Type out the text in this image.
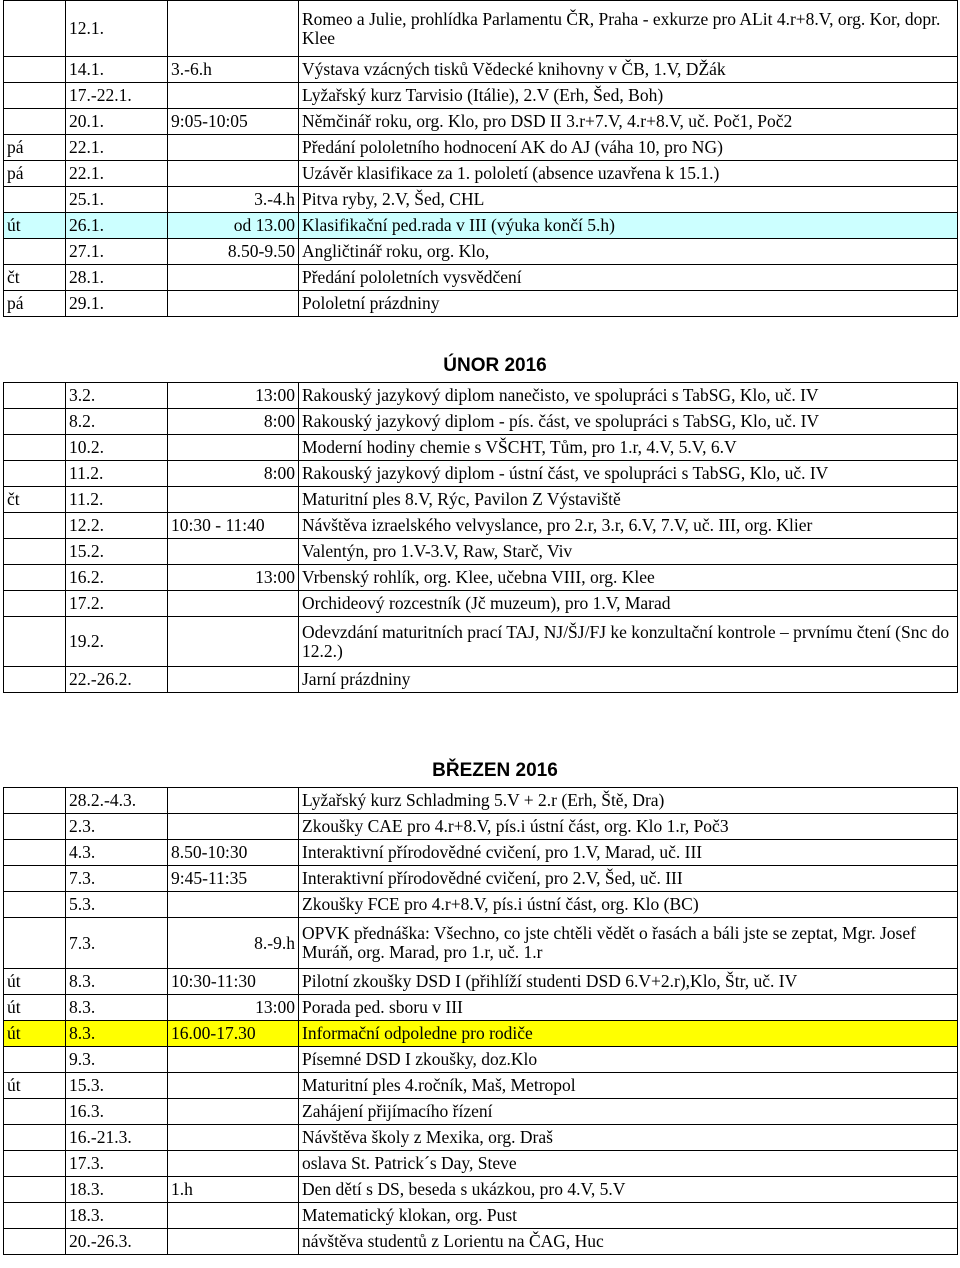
	12.1.		Romeo a Julie, prohlídka Parlamentu ČR, Praha - exkurze pro ALit 4.r+8.V, org. Kor, dopr. Klee
	14.1.	3.-6.h	Výstava vzácných tisků Vědecké knihovny v ČB, 1.V, DŽák
	17.-22.1.		Lyžařský kurz Tarvisio (Itálie), 2.V (Erh, Šed, Boh)
	20.1.	9:05-10:05	Němčinář roku, org. Klo, pro DSD II 3.r+7.V, 4.r+8.V, uč. Poč1, Poč2
pá	22.1.		Předání pololetního hodnocení AK do AJ (váha 10, pro NG)
pá	22.1.		Uzávěr klasifikace za 1. pololetí (absence uzavřena k 15.1.)
	25.1.	3.-4.h	Pitva ryby, 2.V, Šed, CHL
út	26.1.	od 13.00	Klasifikační ped.rada v III (výuka končí 5.h)
	27.1.	8.50-9.50	Angličtinář roku, org. Klo,
čt	28.1.		Předání pololetních vysvědčení
pá	29.1.		Pololetní prázdniny
ÚNOR 2016
	3.2.	13:00	Rakouský jazykový diplom nanečisto, ve spolupráci s TabSG, Klo, uč. IV
	8.2.	8:00	Rakouský jazykový diplom - pís. část, ve spolupráci s TabSG, Klo, uč. IV
	10.2.		Moderní hodiny chemie s VŠCHT, Tům, pro 1.r, 4.V, 5.V, 6.V
	11.2.	8:00	Rakouský jazykový diplom - ústní část, ve spolupráci s TabSG, Klo, uč. IV
čt	11.2.		Maturitní ples 8.V, Rýc, Pavilon Z Výstaviště
	12.2.	10:30 - 11:40	Návštěva izraelského velvyslance, pro 2.r, 3.r, 6.V, 7.V, uč. III, org. Klier
	15.2.		Valentýn, pro 1.V-3.V, Raw, Starč, Viv
	16.2.	13:00	Vrbenský rohlík, org. Klee, učebna VIII, org. Klee
	17.2.		Orchideový rozcestník (Jč muzeum), pro 1.V, Marad
	19.2.		Odevzdání maturitních prací TAJ, NJ/ŠJ/FJ ke konzultační kontrole – prvnímu čtení (Snc do 12.2.)
	22.-26.2.		Jarní prázdniny
BŘEZEN 2016
	28.2.-4.3.		Lyžařský kurz Schladming 5.V + 2.r (Erh, Ště, Dra)
	2.3.		Zkoušky CAE pro 4.r+8.V, pís.i ústní část, org. Klo 1.r, Poč3
	4.3.	8.50-10:30	Interaktivní přírodovědné cvičení, pro 1.V, Marad, uč. III
	7.3.	9:45-11:35	Interaktivní přírodovědné cvičení, pro 2.V, Šed, uč. III
	5.3.		Zkoušky FCE pro 4.r+8.V, pís.i ústní část, org. Klo (BC)
	7.3.	8.-9.h	OPVK přednáška: Všechno, co jste chtěli vědět o řasách a báli jste se zeptat, Mgr. Josef Muráň, org. Marad, pro 1.r, uč. 1.r
út	8.3.	10:30-11:30	Pilotní zkoušky DSD I (přihlíží studenti DSD 6.V+2.r),Klo, Štr, uč. IV
út	8.3.	13:00	Porada ped. sboru v III
út	8.3.	16.00-17.30	Informační odpoledne pro rodiče
	9.3.		Písemné DSD I zkoušky, doz.Klo
út	15.3.		Maturitní ples 4.ročník, Maš, Metropol
	16.3.		Zahájení přijímacího řízení
	16.-21.3.		Návštěva školy z Mexika, org. Draš
	17.3.		oslava St. Patrick´s Day, Steve
	18.3.	1.h	Den dětí s DS, beseda s ukázkou, pro 4.V, 5.V
	18.3.		Matematický klokan, org. Pust
	20.-26.3.		návštěva studentů z Lorientu na ČAG, Huc
